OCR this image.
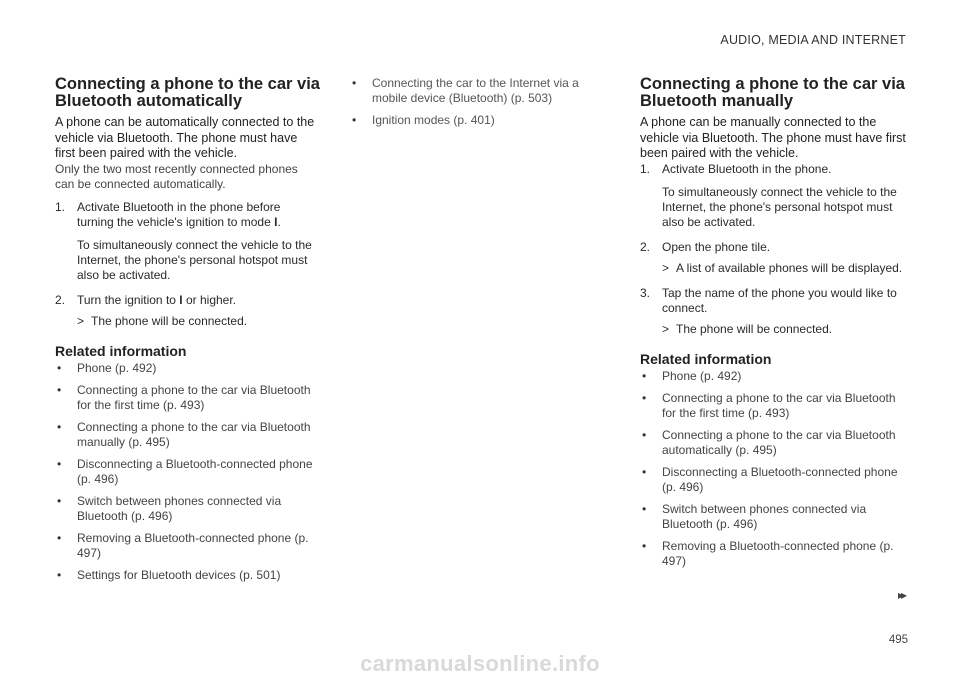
AUDIO, MEDIA AND INTERNET
Connecting a phone to the car via Bluetooth automatically

A phone can be automatically connected to the vehicle via Bluetooth. The phone must have first been paired with the vehicle.

Only the two most recently connected phones can be connected automatically.

1. Activate Bluetooth in the phone before turning the vehicle's ignition to mode I.

To simultaneously connect the vehicle to the Internet, the phone's personal hotspot must also be activated.

2. Turn the ignition to I or higher.

> The phone will be connected.

Related information
• Phone (p. 492)
• Connecting a phone to the car via Bluetooth for the first time (p. 493)
• Connecting a phone to the car via Bluetooth manually (p. 495)
• Disconnecting a Bluetooth-connected phone (p. 496)
• Switch between phones connected via Bluetooth (p. 496)
• Removing a Bluetooth-connected phone (p. 497)
• Settings for Bluetooth devices (p. 501)
• Connecting the car to the Internet via a mobile device (Bluetooth) (p. 503)
• Ignition modes (p. 401)
Connecting a phone to the car via Bluetooth manually

A phone can be manually connected to the vehicle via Bluetooth. The phone must have first been paired with the vehicle.

1. Activate Bluetooth in the phone.

To simultaneously connect the vehicle to the Internet, the phone's personal hotspot must also be activated.

2. Open the phone tile.

> A list of available phones will be displayed.

3. Tap the name of the phone you would like to connect.

> The phone will be connected.

Related information
• Phone (p. 492)
• Connecting a phone to the car via Bluetooth for the first time (p. 493)
• Connecting a phone to the car via Bluetooth automatically (p. 495)
• Disconnecting a Bluetooth-connected phone (p. 496)
• Switch between phones connected via Bluetooth (p. 496)
• Removing a Bluetooth-connected phone (p. 497)
▸▸
495
carmanualsonline.info
